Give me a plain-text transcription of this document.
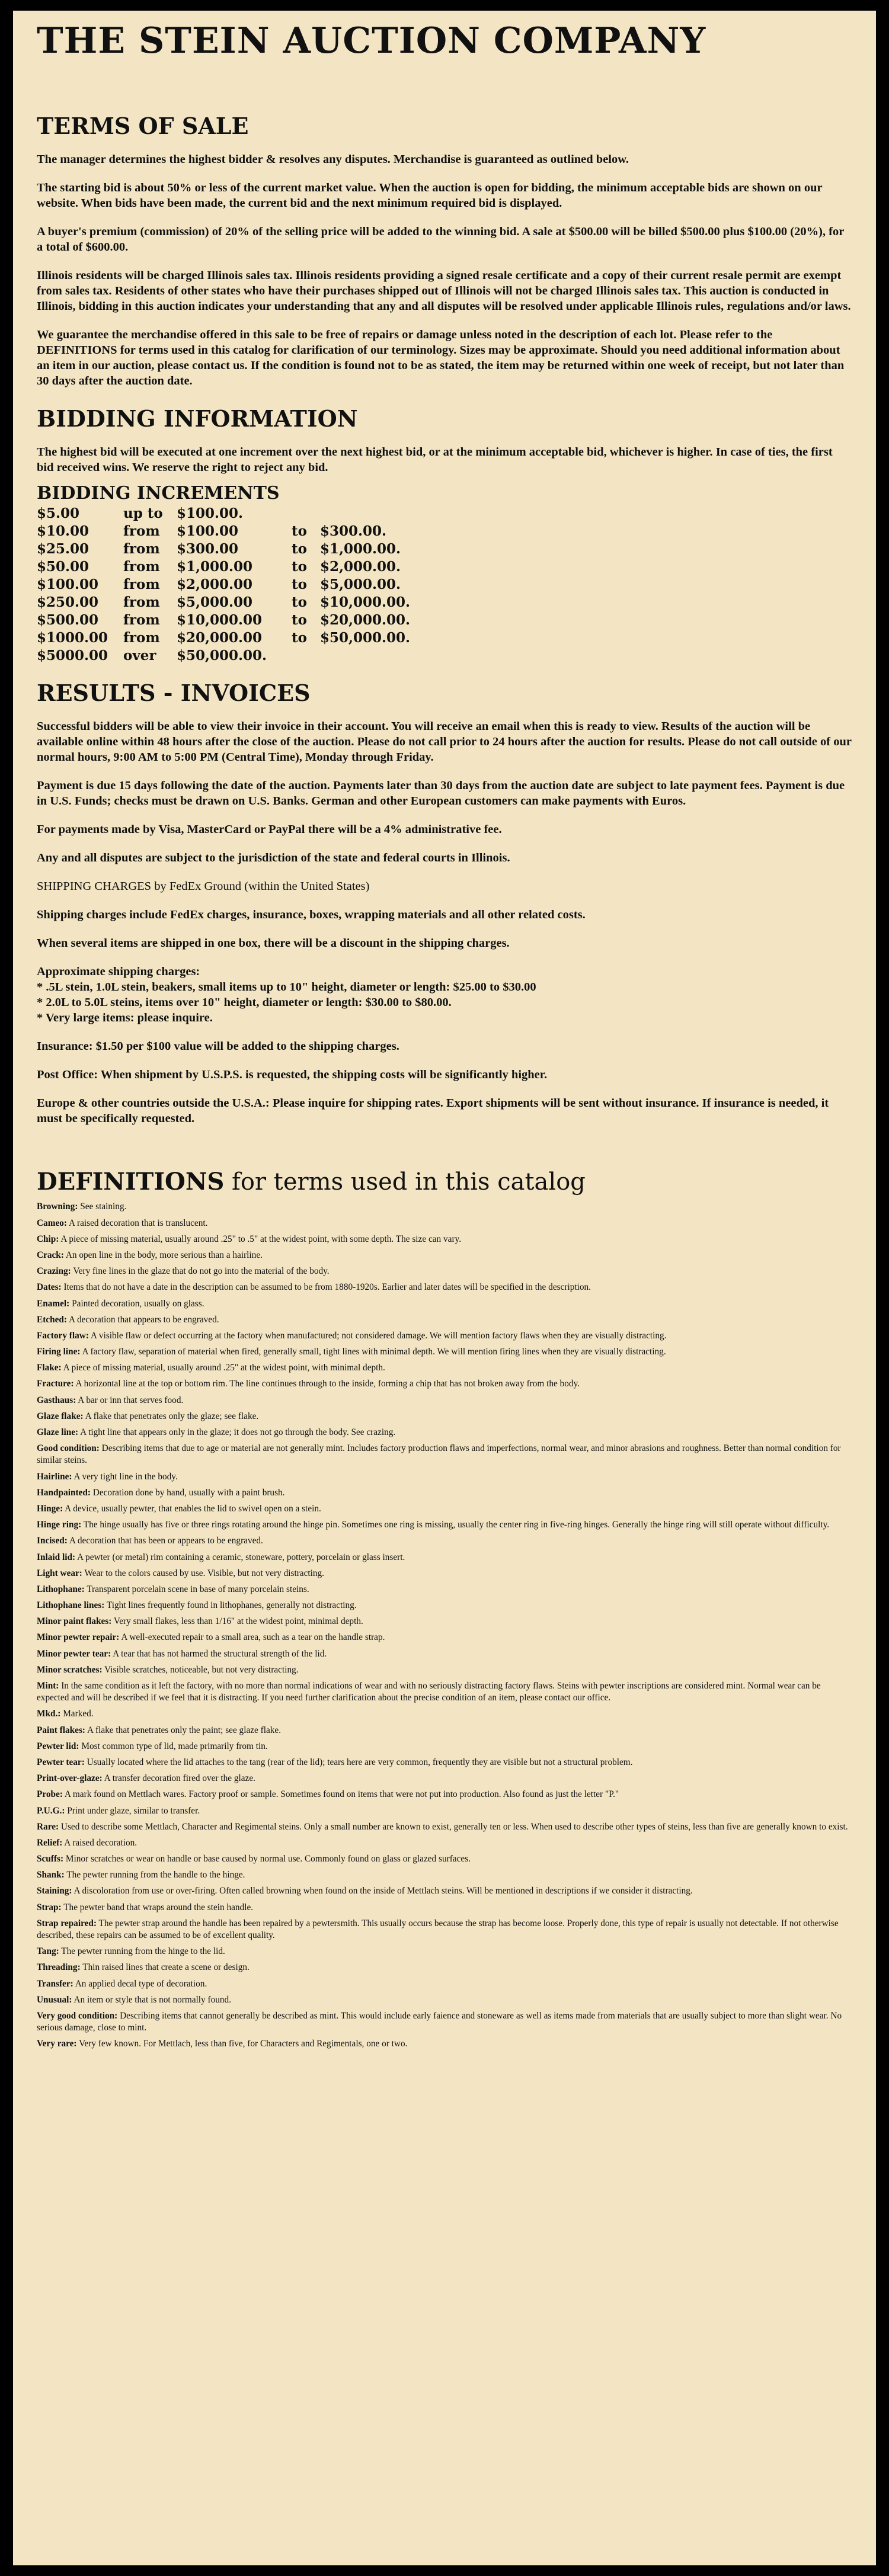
THE STEIN AUCTION COMPANY
TERMS OF SALE

The manager determines the highest bidder & resolves any disputes. Merchandise is guaranteed as outlined below.

The starting bid is about 50% or less of the current market value. When the auction is open for bidding, the minimum acceptable bids are shown on our website. When bids have been made, the current bid and the next minimum required bid is displayed.

A buyer's premium (commission) of 20% of the selling price will be added to the winning bid. A sale at $500.00 will be billed $500.00 plus $100.00 (20%), for a total of $600.00.

Illinois residents will be charged Illinois sales tax. Illinois residents providing a signed resale certificate and a copy of their current resale permit are exempt from sales tax. Residents of other states who have their purchases shipped out of Illinois will not be charged Illinois sales tax. This auction is conducted in Illinois, bidding in this auction indicates your understanding that any and all disputes will be resolved under applicable Illinois rules, regulations and/or laws.

We guarantee the merchandise offered in this sale to be free of repairs or damage unless noted in the description of each lot. Please refer to the DEFINITIONS for terms used in this catalog for clarification of our terminology. Sizes may be approximate. Should you need additional information about an item in our auction, please contact us. If the condition is found not to be as stated, the item may be returned within one week of receipt, but not later than 30 days after the auction date.

BIDDING INFORMATION

The highest bid will be executed at one increment over the next highest bid, or at the minimum acceptable bid, whichever is higher. In case of ties, the first bid received wins. We reserve the right to reject any bid.

BIDDING INCREMENTS
$5.00	up to	$100.00.		
$10.00	from	$100.00	to	$300.00.
$25.00	from	$300.00	to	$1,000.00.
$50.00	from	$1,000.00	to	$2,000.00.
$100.00	from	$2,000.00	to	$5,000.00.
$250.00	from	$5,000.00	to	$10,000.00.
$500.00	from	$10,000.00	to	$20,000.00.
$1000.00	from	$20,000.00	to	$50,000.00.
$5000.00	over	$50,000.00.		
RESULTS - INVOICES

Successful bidders will be able to view their invoice in their account. You will receive an email when this is ready to view. Results of the auction will be available online within 48 hours after the close of the auction. Please do not call prior to 24 hours after the auction for results. Please do not call outside of our normal hours, 9:00 AM to 5:00 PM (Central Time), Monday through Friday.

Payment is due 15 days following the date of the auction. Payments later than 30 days from the auction date are subject to late payment fees. Payment is due in U.S. Funds; checks must be drawn on U.S. Banks. German and other European customers can make payments with Euros.

For payments made by Visa, MasterCard or PayPal there will be a 4% administrative fee.

Any and all disputes are subject to the jurisdiction of the state and federal courts in Illinois.

SHIPPING CHARGES by FedEx Ground (within the United States)

Shipping charges include FedEx charges, insurance, boxes, wrapping materials and all other related costs.

When several items are shipped in one box, there will be a discount in the shipping charges.

Approximate shipping charges:

* .5L stein, 1.0L stein, beakers, small items up to 10" height, diameter or length: $25.00 to $30.00

* 2.0L to 5.0L steins, items over 10" height, diameter or length: $30.00 to $80.00.

* Very large items: please inquire.

Insurance: $1.50 per $100 value will be added to the shipping charges.

Post Office: When shipment by U.S.P.S. is requested, the shipping costs will be significantly higher.

Europe & other countries outside the U.S.A.: Please inquire for shipping rates. Export shipments will be sent without insurance. If insurance is needed, it must be specifically requested.

DEFINITIONS for terms used in this catalog

Browning: See staining.

Cameo: A raised decoration that is translucent.

Chip: A piece of missing material, usually around .25" to .5" at the widest point, with some depth. The size can vary.

Crack: An open line in the body, more serious than a hairline.

Crazing: Very fine lines in the glaze that do not go into the material of the body.

Dates: Items that do not have a date in the description can be assumed to be from 1880-1920s. Earlier and later dates will be specified in the description.

Enamel: Painted decoration, usually on glass.

Etched: A decoration that appears to be engraved.

Factory flaw: A visible flaw or defect occurring at the factory when manufactured; not considered damage. We will mention factory flaws when they are visually distracting.

Firing line: A factory flaw, separation of material when fired, generally small, tight lines with minimal depth. We will mention firing lines when they are visually distracting.

Flake: A piece of missing material, usually around .25" at the widest point, with minimal depth.

Fracture: A horizontal line at the top or bottom rim. The line continues through to the inside, forming a chip that has not broken away from the body.

Gasthaus: A bar or inn that serves food.

Glaze flake: A flake that penetrates only the glaze; see flake.

Glaze line: A tight line that appears only in the glaze; it does not go through the body. See crazing.

Good condition: Describing items that due to age or material are not generally mint. Includes factory production flaws and imperfections, normal wear, and minor abrasions and roughness. Better than normal condition for similar steins.

Hairline: A very tight line in the body.

Handpainted: Decoration done by hand, usually with a paint brush.

Hinge: A device, usually pewter, that enables the lid to swivel open on a stein.

Hinge ring: The hinge usually has five or three rings rotating around the hinge pin. Sometimes one ring is missing, usually the center ring in five-ring hinges. Generally the hinge ring will still operate without difficulty.

Incised: A decoration that has been or appears to be engraved.

Inlaid lid: A pewter (or metal) rim containing a ceramic, stoneware, pottery, porcelain or glass insert.

Light wear: Wear to the colors caused by use. Visible, but not very distracting.

Lithophane: Transparent porcelain scene in base of many porcelain steins.

Lithophane lines: Tight lines frequently found in lithophanes, generally not distracting.

Minor paint flakes: Very small flakes, less than 1/16" at the widest point, minimal depth.

Minor pewter repair: A well-executed repair to a small area, such as a tear on the handle strap.

Minor pewter tear: A tear that has not harmed the structural strength of the lid.

Minor scratches: Visible scratches, noticeable, but not very distracting.

Mint: In the same condition as it left the factory, with no more than normal indications of wear and with no seriously distracting factory flaws. Steins with pewter inscriptions are considered mint. Normal wear can be expected and will be described if we feel that it is distracting. If you need further clarification about the precise condition of an item, please contact our office.

Mkd.: Marked.

Paint flakes: A flake that penetrates only the paint; see glaze flake.

Pewter lid: Most common type of lid, made primarily from tin.

Pewter tear: Usually located where the lid attaches to the tang (rear of the lid); tears here are very common, frequently they are visible but not a structural problem.

Print-over-glaze: A transfer decoration fired over the glaze.

Probe: A mark found on Mettlach wares. Factory proof or sample. Sometimes found on items that were not put into production. Also found as just the letter "P."

P.U.G.: Print under glaze, similar to transfer.

Rare: Used to describe some Mettlach, Character and Regimental steins. Only a small number are known to exist, generally ten or less. When used to describe other types of steins, less than five are generally known to exist.

Relief: A raised decoration.

Scuffs: Minor scratches or wear on handle or base caused by normal use. Commonly found on glass or glazed surfaces.

Shank: The pewter running from the handle to the hinge.

Staining: A discoloration from use or over-firing. Often called browning when found on the inside of Mettlach steins. Will be mentioned in descriptions if we consider it distracting.

Strap: The pewter band that wraps around the stein handle.

Strap repaired: The pewter strap around the handle has been repaired by a pewtersmith. This usually occurs because the strap has become loose. Properly done, this type of repair is usually not detectable. If not otherwise described, these repairs can be assumed to be of excellent quality.

Tang: The pewter running from the hinge to the lid.

Threading: Thin raised lines that create a scene or design.

Transfer: An applied decal type of decoration.

Unusual: An item or style that is not normally found.

Very good condition: Describing items that cannot generally be described as mint. This would include early faience and stoneware as well as items made from materials that are usually subject to more than slight wear. No serious damage, close to mint.

Very rare: Very few known. For Mettlach, less than five, for Characters and Regimentals, one or two.
